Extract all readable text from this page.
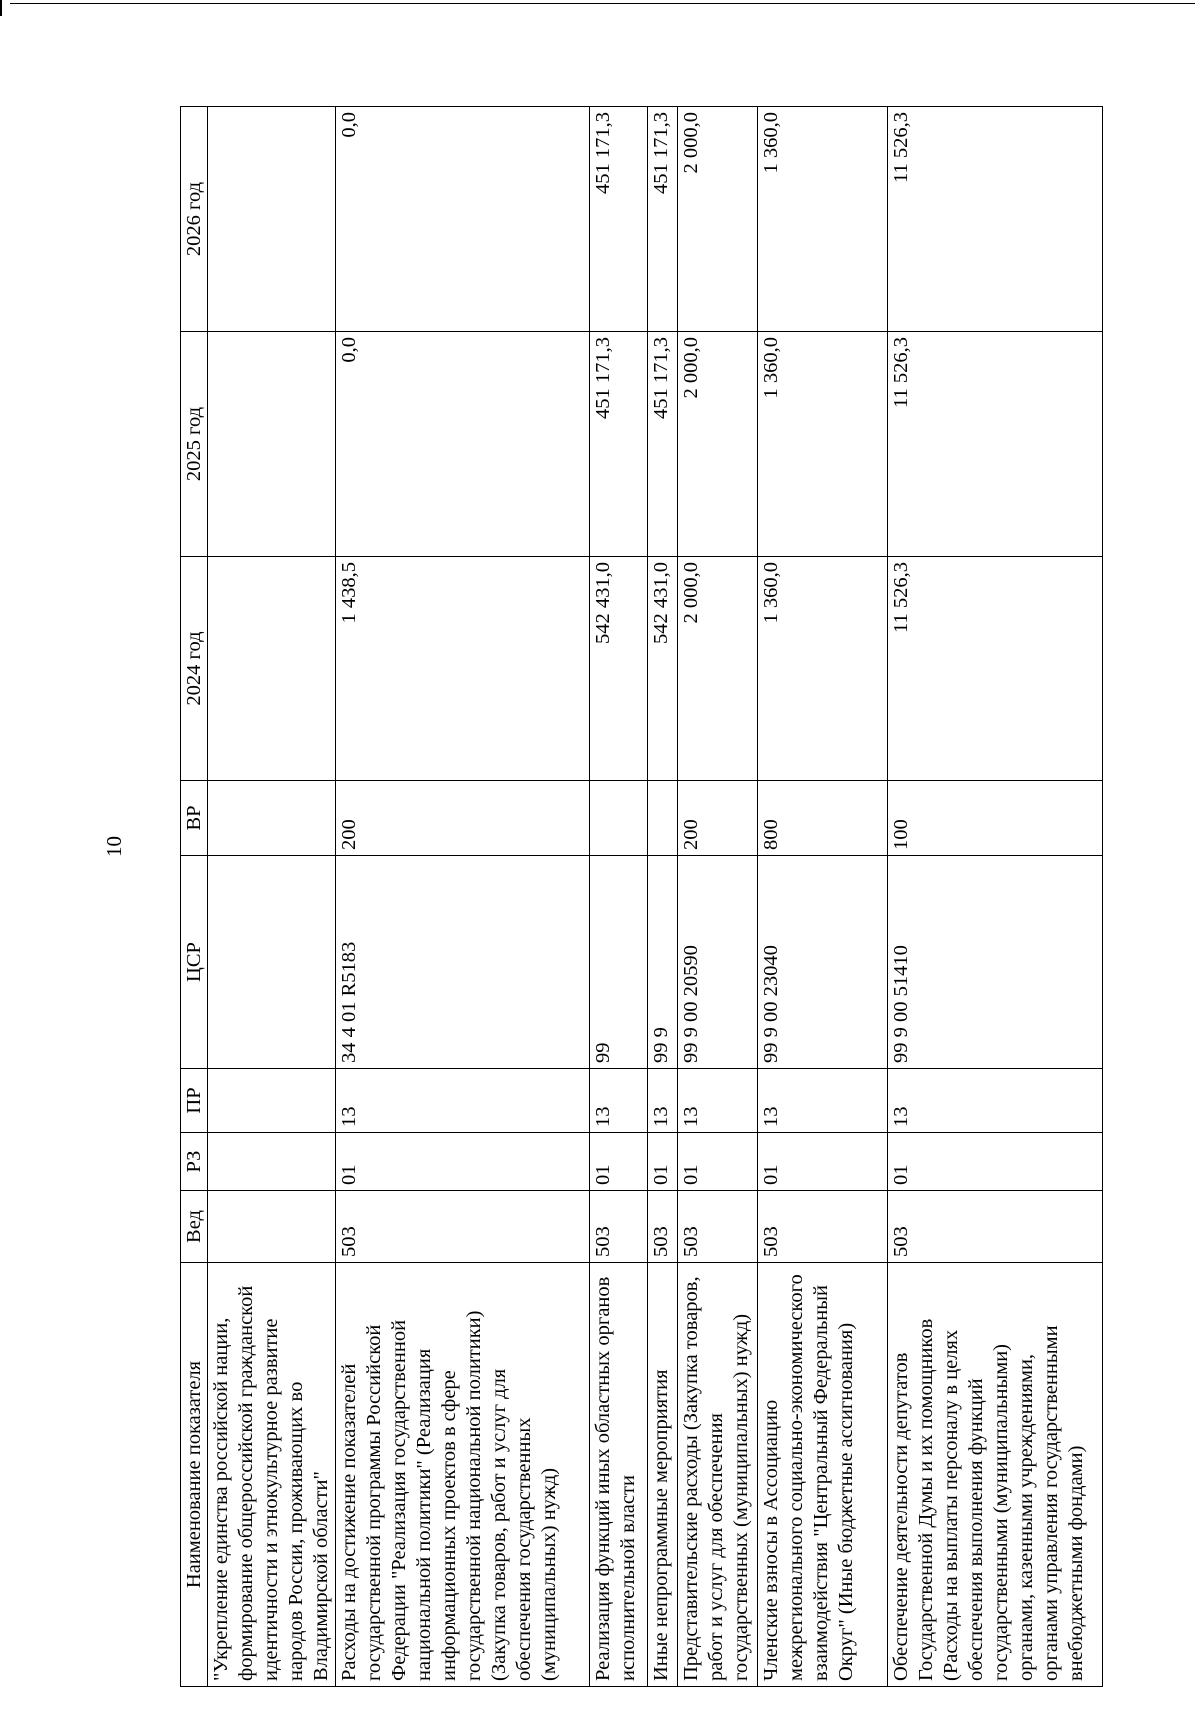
10
Наименование показателя	Вед	РЗ	ПР	ЦСР	ВР	2024 год	2025 год	2026 год
"Укрепление единства российской нации, формирование общероссийской гражданской идентичности и этнокультурное развитие народов России, проживающих во Владимирской области"								
Расходы на достижение показателей государственной программы Российской Федерации "Реализация государственной национальной политики" (Реализация информационных проектов в сфере государственной национальной политики) (Закупка товаров, работ и услуг для обеспечения государственных (муниципальных) нужд)	503	01	13	34 4 01 R5183	200	1 438,5	0,0	0,0
Реализация функций иных областных органов исполнительной власти	503	01	13	99		542 431,0	451 171,3	451 171,3
Иные непрограммные мероприятия	503	01	13	99 9		542 431,0	451 171,3	451 171,3
Представительские расходы (Закупка товаров, работ и услуг для обеспечения государственных (муниципальных) нужд)	503	01	13	99 9 00 20590	200	2 000,0	2 000,0	2 000,0
Членские взносы в Ассоциацию межрегионального социально-экономического взаимодействия "Центральный Федеральный Округ" (Иные бюджетные ассигнования)	503	01	13	99 9 00 23040	800	1 360,0	1 360,0	1 360,0
Обеспечение деятельности депутатов Государственной Думы и их помощников (Расходы на выплаты персоналу в целях обеспечения выполнения функций государственными (муниципальными) органами, казенными учреждениями, органами управления государственными внебюджетными фондами)	503	01	13	99 9 00 51410	100	11 526,3	11 526,3	11 526,3
